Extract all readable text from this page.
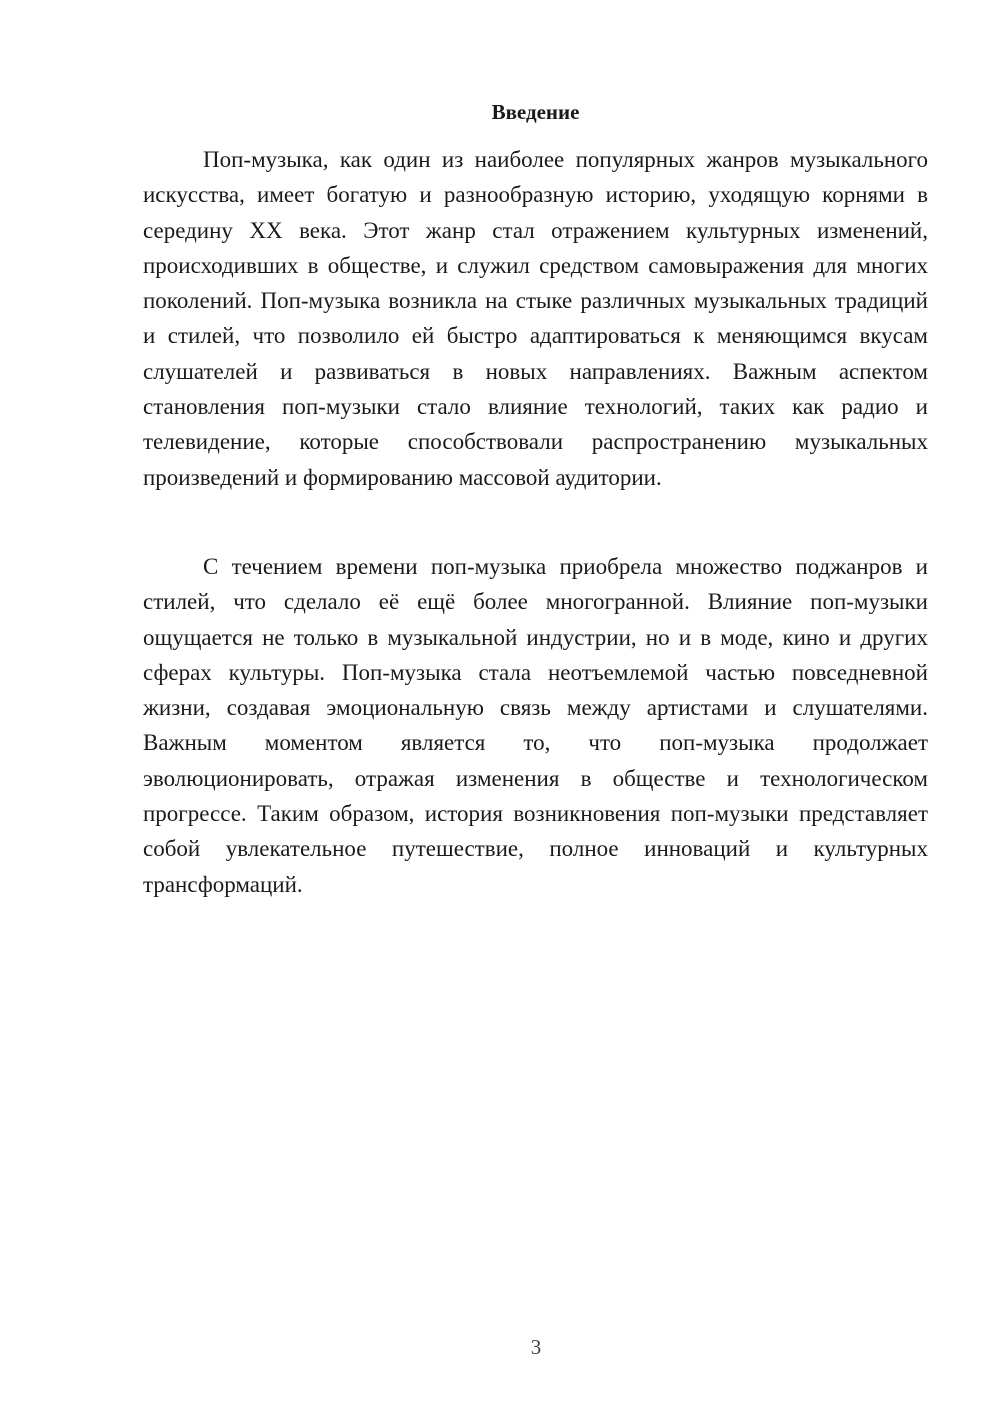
Введение

Поп-музыка, как один из наиболее популярных жанров музыкального искусства, имеет богатую и разнообразную историю, уходящую корнями в середину XX века. Этот жанр стал отражением культурных изменений, происходивших в обществе, и служил средством самовыражения для многих поколений. Поп-музыка возникла на стыке различных музыкальных традиций и стилей, что позволило ей быстро адаптироваться к меняющимся вкусам слушателей и развиваться в новых направлениях. Важным аспектом становления поп-музыки стало влияние технологий, таких как радио и телевидение, которые способствовали распространению музыкальных произведений и формированию массовой аудитории.

С течением времени поп-музыка приобрела множество поджанров и стилей, что сделало её ещё более многогранной. Влияние поп-музыки ощущается не только в музыкальной индустрии, но и в моде, кино и других сферах культуры. Поп-музыка стала неотъемлемой частью повседневной жизни, создавая эмоциональную связь между артистами и слушателями. Важным моментом является то, что поп-музыка продолжает эволюционировать, отражая изменения в обществе и технологическом прогрессе. Таким образом, история возникновения поп-музыки представляет собой увлекательное путешествие, полное инноваций и культурных трансформаций.

3
